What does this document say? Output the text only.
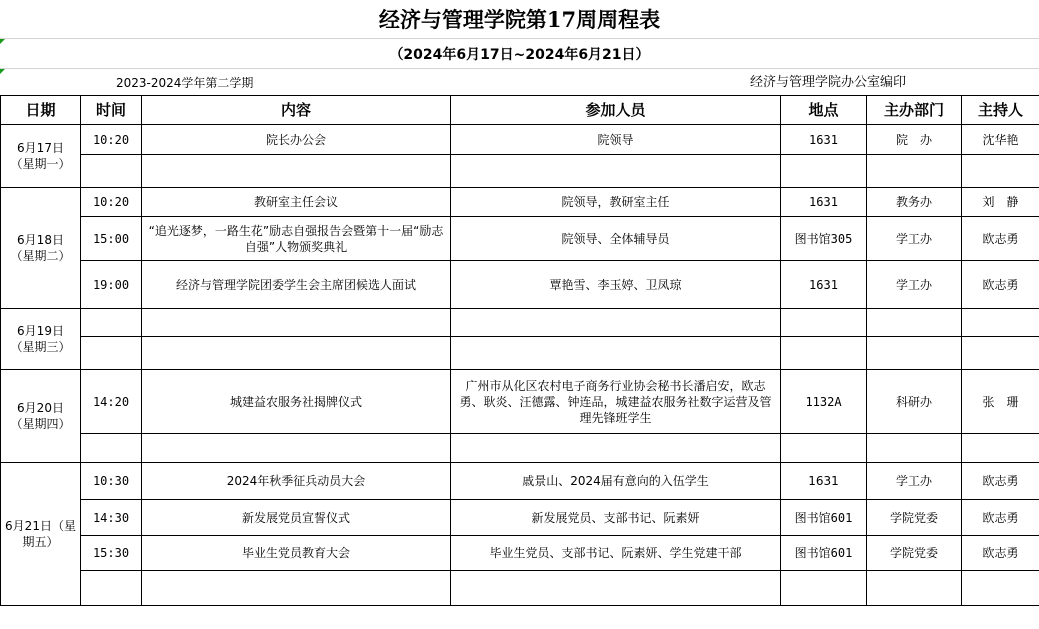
经济与管理学院第17周周程表
（2024年6月17日~2024年6月21日）
2023-2024学年第二学期	经济与管理学院办公室编印
日期	时间	内容	参加人员	地点	主办部门	主持人

6月17日
（星期一）	10:20	院长办公会	院领导	1631	院　办	沈华艳

6月18日
（星期二）	10:20	教研室主任会议	院领导，教研室主任	1631	教务办	刘　静
	15:00	“追光逐梦，一路生花”励志自强报告会暨第十一届“励志自强”人物颁奖典礼	院领导、全体辅导员	图书馆305	学工办	欧志勇
	19:00	经济与管理学院团委学生会主席团候选人面试	覃艳雪、李玉婷、卫凤琼	1631	学工办	欧志勇

6月19日
（星期三）						

6月20日
（星期四）	14:20	城建益农服务社揭牌仪式	广州市从化区农村电子商务行业协会秘书长潘启安，欧志勇、耿炎、汪德露、钟连品，城建益农服务社数字运营及管理先锋班学生	1132A	科研办	张　珊

6月21日（星期五）	10:30	2024年秋季征兵动员大会	戚景山、2024届有意向的入伍学生	1631	学工办	欧志勇
	14:30	新发展党员宣誓仪式	新发展党员、支部书记、阮素妍	图书馆601	学院党委	欧志勇
	15:30	毕业生党员教育大会	毕业生党员、支部书记、阮素妍、学生党建干部	图书馆601	学院党委	欧志勇
